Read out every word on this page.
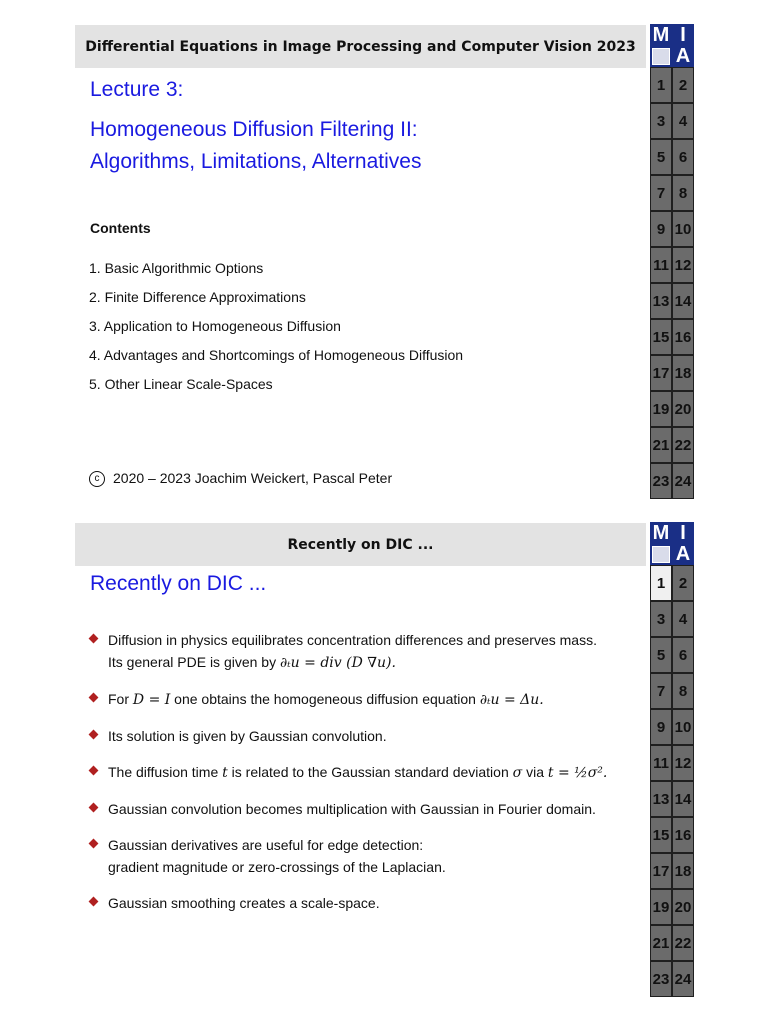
Differential Equations in Image Processing and Computer Vision 2023
M I
A
1 2
3 4
5 6
7 8
9 10
11 12
13 14
15 16
17 18
19 20
21 22
23 24
Lecture 3:
Homogeneous Diffusion Filtering II:
Algorithms, Limitations, Alternatives
Contents
1. Basic Algorithmic Options
2. Finite Difference Approximations
3. Application to Homogeneous Diffusion
4. Advantages and Shortcomings of Homogeneous Diffusion
5. Other Linear Scale-Spaces
c 2020 – 2023 Joachim Weickert, Pascal Peter
Recently on DIC ...
M I
A
1 2
3 4
5 6
7 8
9 10
11 12
13 14
15 16
17 18
19 20
21 22
23 24
Recently on DIC ...
Diffusion in physics equilibrates concentration differences and preserves mass.
Its general PDE is given by ∂ₜu = div (D ∇u).
For D = I one obtains the homogeneous diffusion equation ∂ₜu = Δu.
Its solution is given by Gaussian convolution.
The diffusion time t is related to the Gaussian standard deviation σ via t = ½σ².
Gaussian convolution becomes multiplication with Gaussian in Fourier domain.
Gaussian derivatives are useful for edge detection:
gradient magnitude or zero-crossings of the Laplacian.
Gaussian smoothing creates a scale-space.
